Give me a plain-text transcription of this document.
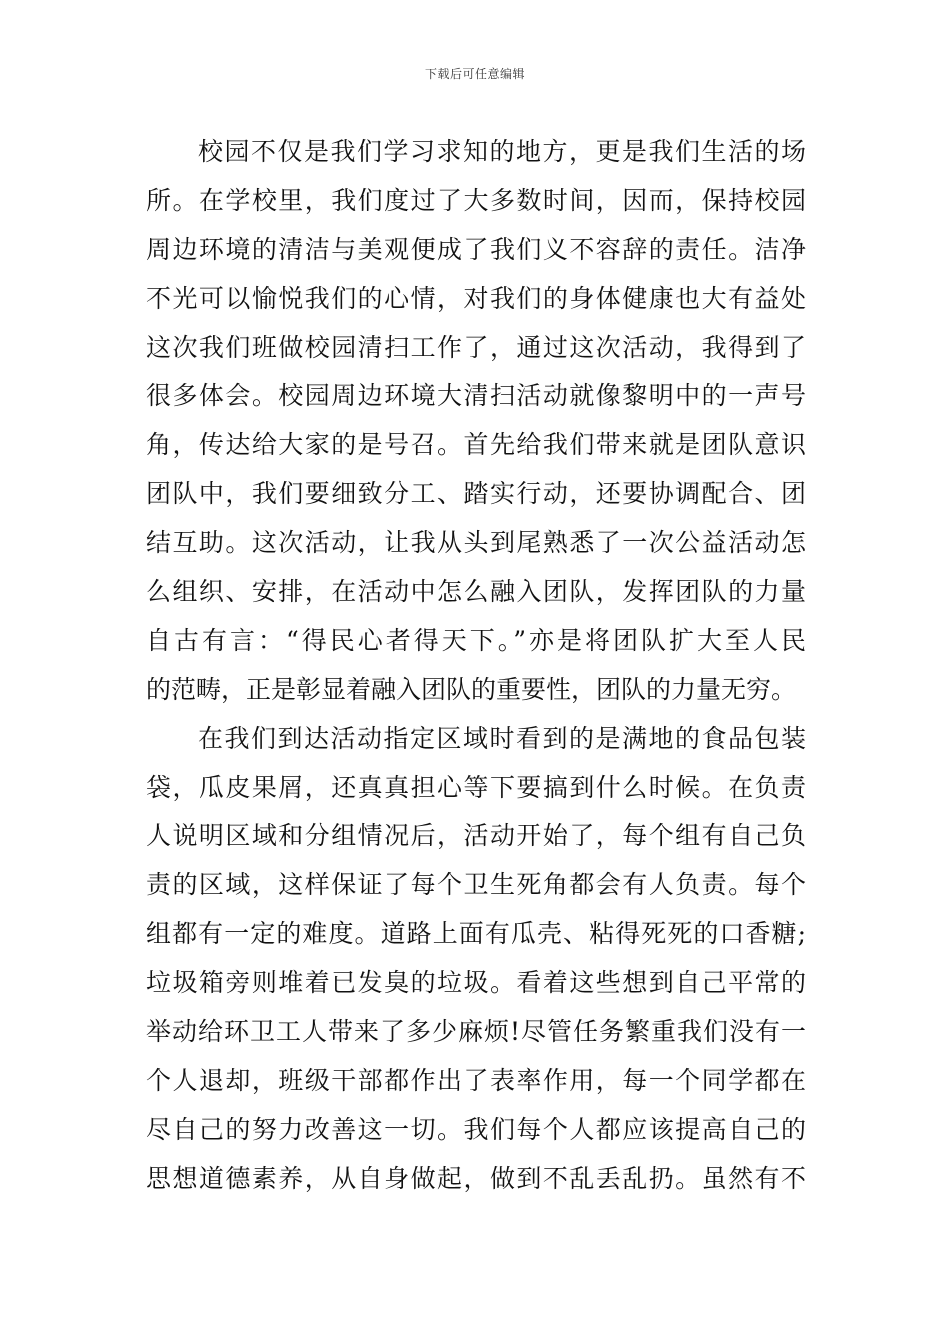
下载后可任意编辑
校园不仅是我们学习求知的地方，更是我们生活的场
所。在学校里，我们度过了大多数时间，因而，保持校园
周边环境的清洁与美观便成了我们义不容辞的责任。洁净
不光可以愉悦我们的心情，对我们的身体健康也大有益处
这次我们班做校园清扫工作了，通过这次活动，我得到了
很多体会。校园周边环境大清扫活动就像黎明中的一声号
角，传达给大家的是号召。首先给我们带来就是团队意识
团队中，我们要细致分工、踏实行动，还要协调配合、团
结互助。这次活动，让我从头到尾熟悉了一次公益活动怎
么组织、安排，在活动中怎么融入团队，发挥团队的力量
自古有言：“得民心者得天下。”亦是将团队扩大至人民
的范畴，正是彰显着融入团队的重要性，团队的力量无穷。
在我们到达活动指定区域时看到的是满地的食品包装
袋，瓜皮果屑，还真真担心等下要搞到什么时候。在负责
人说明区域和分组情况后，活动开始了，每个组有自己负
责的区域，这样保证了每个卫生死角都会有人负责。每个
组都有一定的难度。道路上面有瓜壳、粘得死死的口香糖;
垃圾箱旁则堆着已发臭的垃圾。看着这些想到自己平常的
举动给环卫工人带来了多少麻烦!尽管任务繁重我们没有一
个人退却，班级干部都作出了表率作用，每一个同学都在
尽自己的努力改善这一切。我们每个人都应该提高自己的
思想道德素养，从自身做起，做到不乱丢乱扔。虽然有不
